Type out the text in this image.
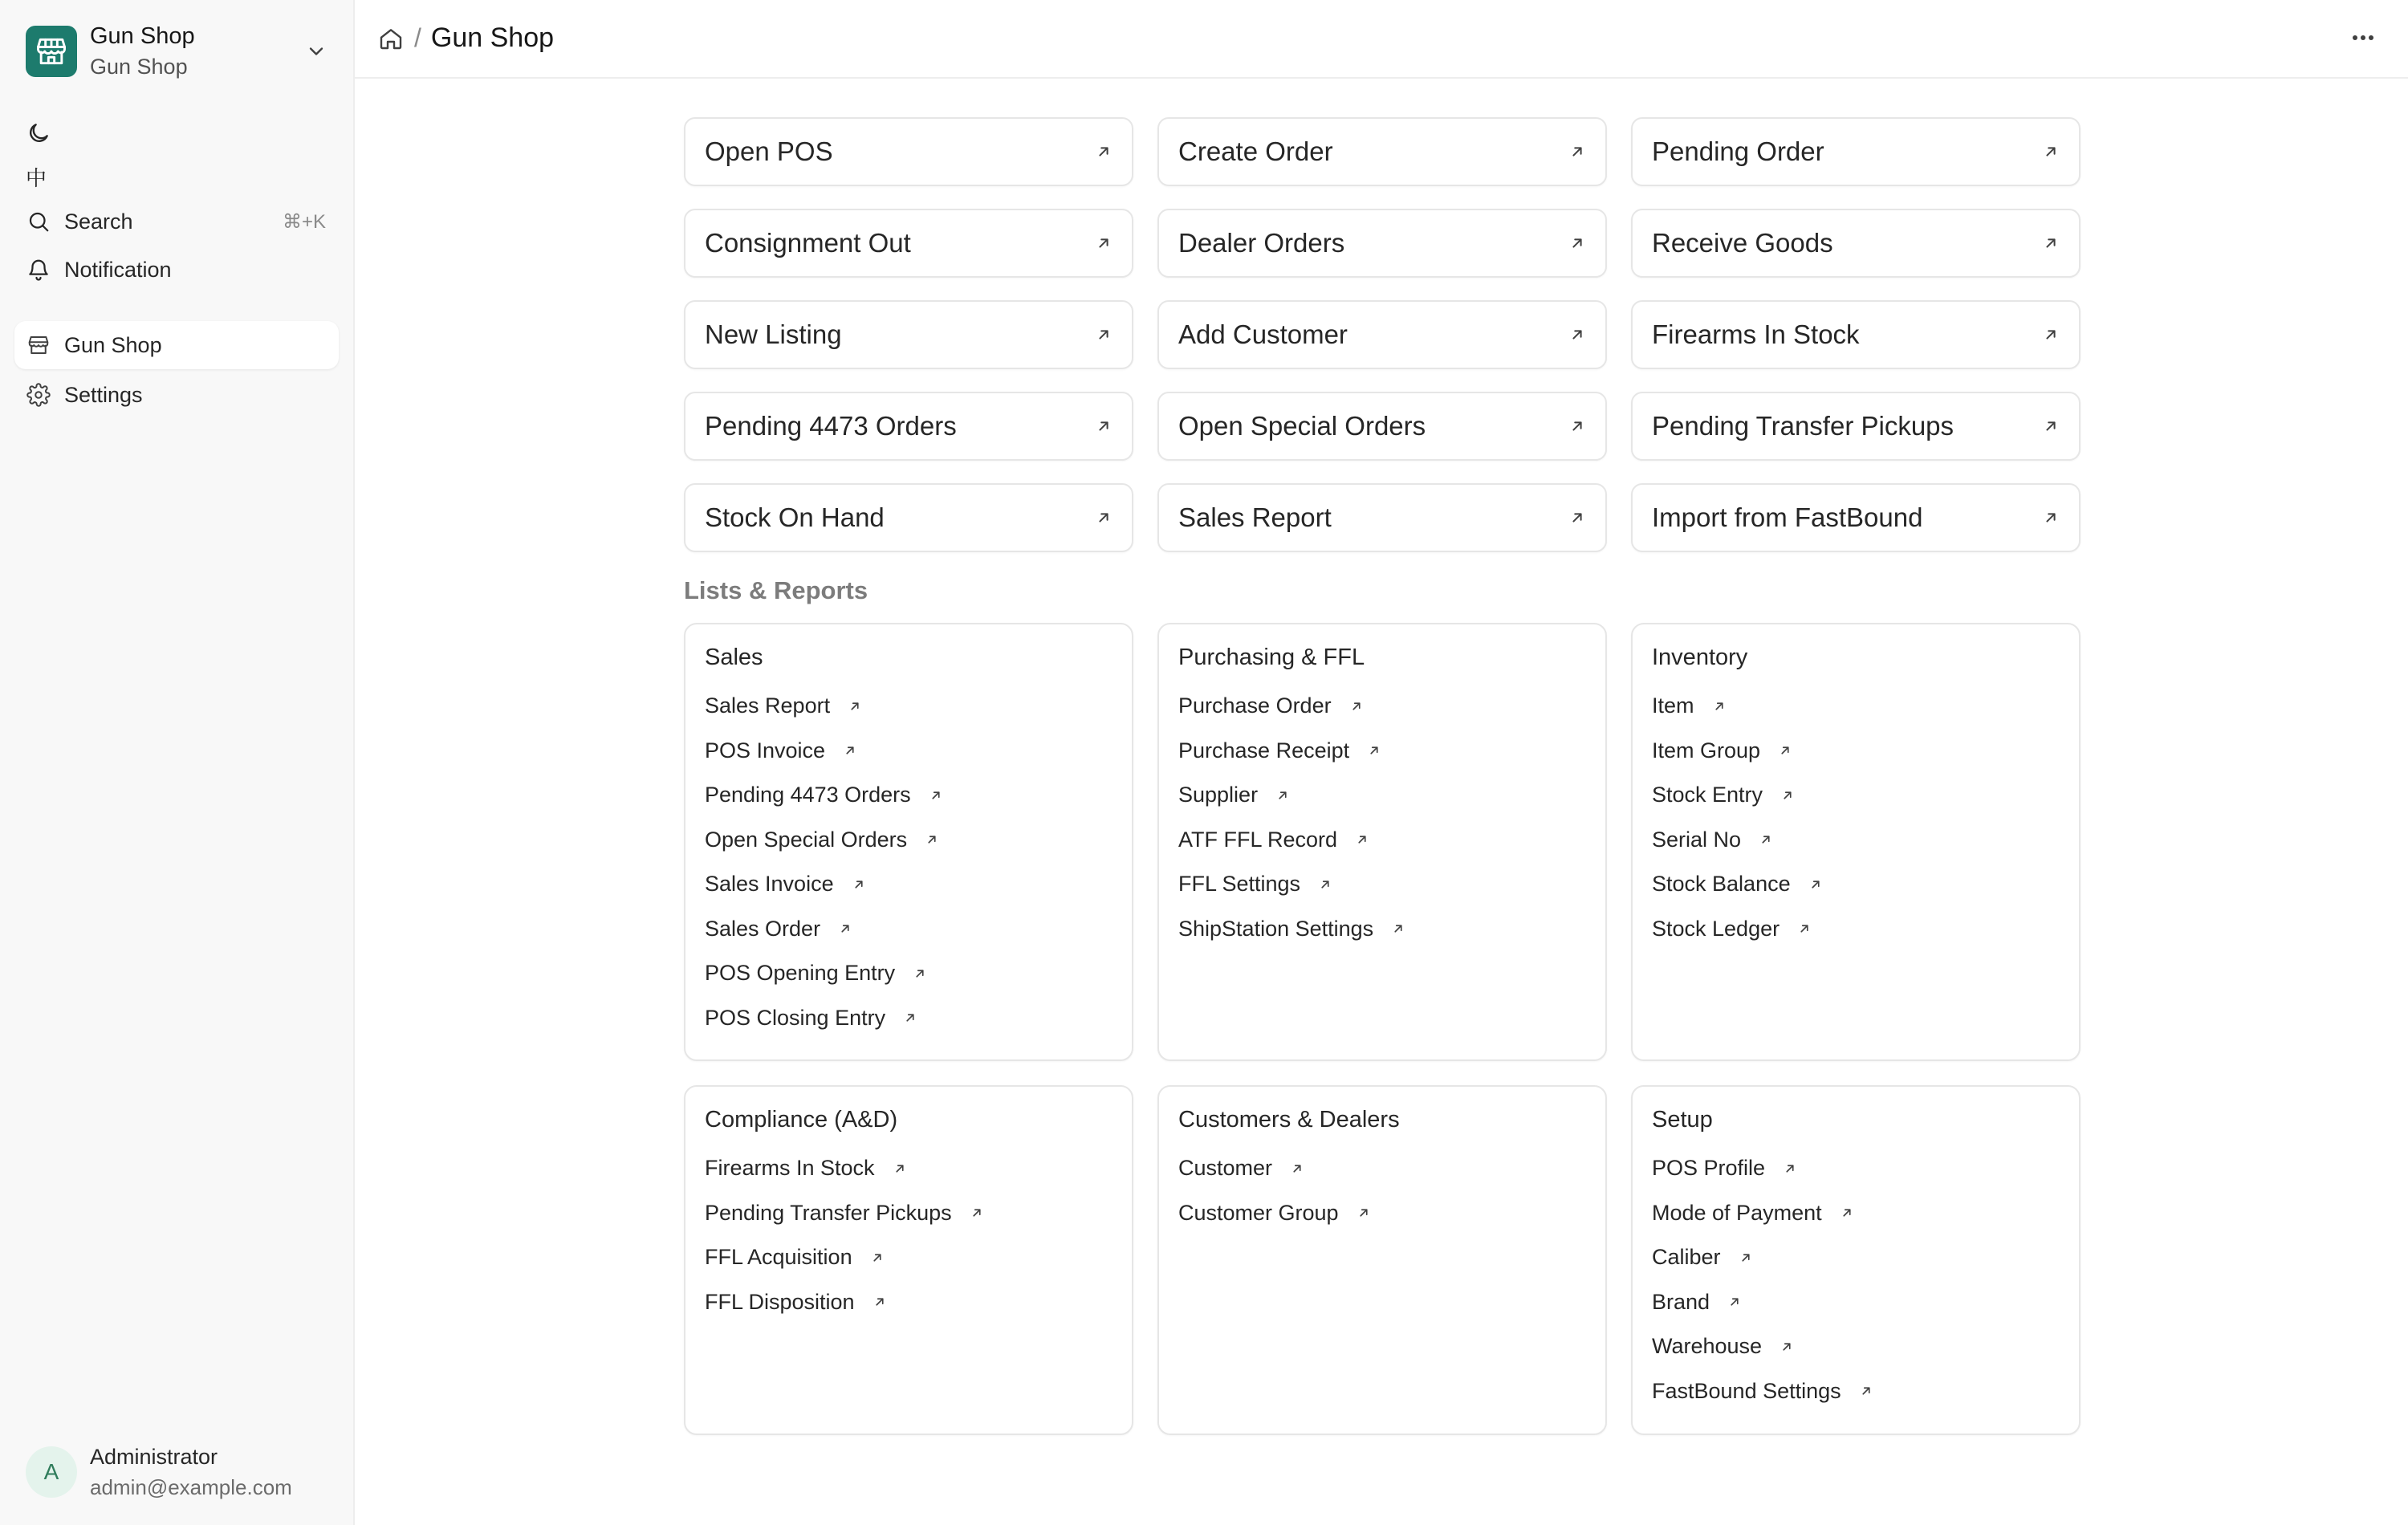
Gun Shop
Gun Shop
中
Search	⌘+K
Notification
Gun Shop
Settings
A
Administrator
admin@example.com
/ Gun Shop
Open POS	Create Order	Pending Order
Consignment Out	Dealer Orders	Receive Goods
New Listing	Add Customer	Firearms In Stock
Pending 4473 Orders	Open Special Orders	Pending Transfer Pickups
Stock On Hand	Sales Report	Import from FastBound
Lists & Reports
Sales
Sales Report
POS Invoice
Pending 4473 Orders
Open Special Orders
Sales Invoice
Sales Order
POS Opening Entry
POS Closing Entry
Purchasing & FFL
Purchase Order
Purchase Receipt
Supplier
ATF FFL Record
FFL Settings
ShipStation Settings
Inventory
Item
Item Group
Stock Entry
Serial No
Stock Balance
Stock Ledger
Compliance (A&D)
Firearms In Stock
Pending Transfer Pickups
FFL Acquisition
FFL Disposition
Customers & Dealers
Customer
Customer Group
Setup
POS Profile
Mode of Payment
Caliber
Brand
Warehouse
FastBound Settings
